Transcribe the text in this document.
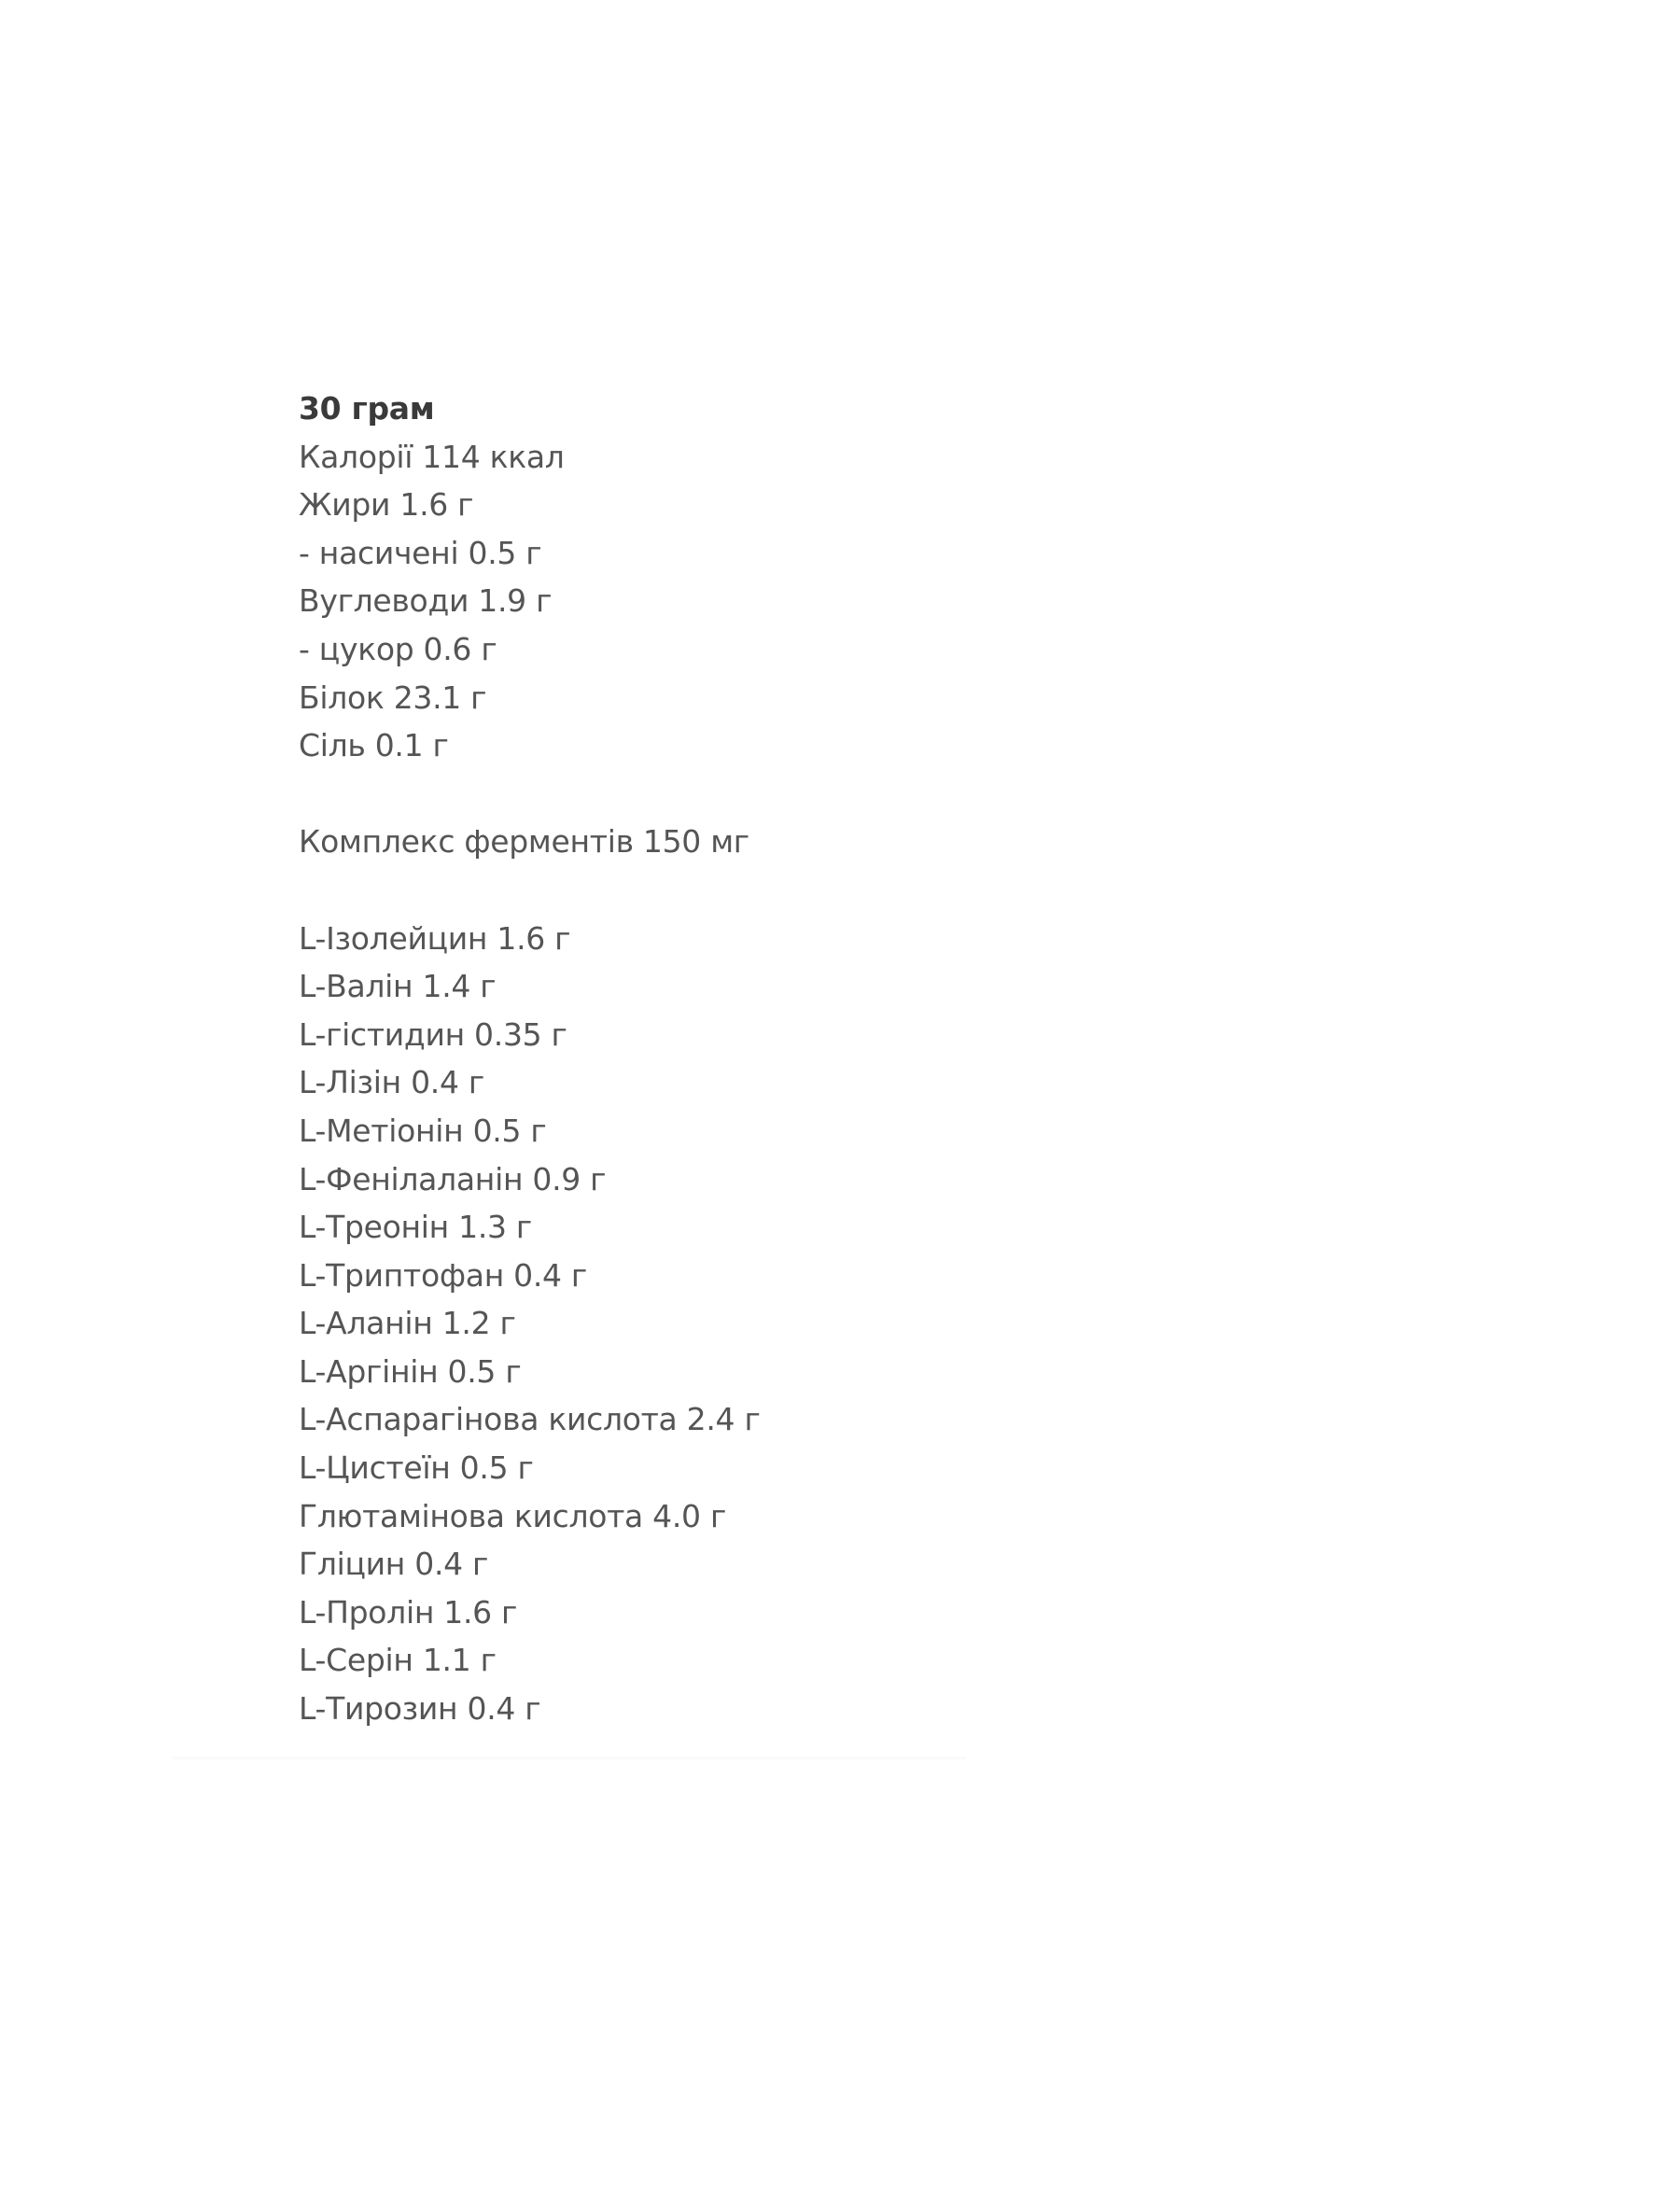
30 грам
Калорії 114 ккал
Жири 1.6 г
- насичені 0.5 г
Вуглеводи 1.9 г
- цукор 0.6 г
Білок 23.1 г
Сіль 0.1 г
Комплекс ферментів 150 мг
L-Ізолейцин 1.6 г
L-Валін 1.4 г
L-гістидин 0.35 г
L-Лізін 0.4 г
L-Метіонін 0.5 г
L-Фенілаланін 0.9 г
L-Треонін 1.3 г
L-Триптофан 0.4 г
L-Аланін 1.2 г
L-Аргінін 0.5 г
L-Аспарагінова кислота 2.4 г
L-Цистеїн 0.5 г
Глютамінова кислота 4.0 г
Гліцин 0.4 г
L-Пролін 1.6 г
L-Серін 1.1 г
L-Тирозин 0.4 г
